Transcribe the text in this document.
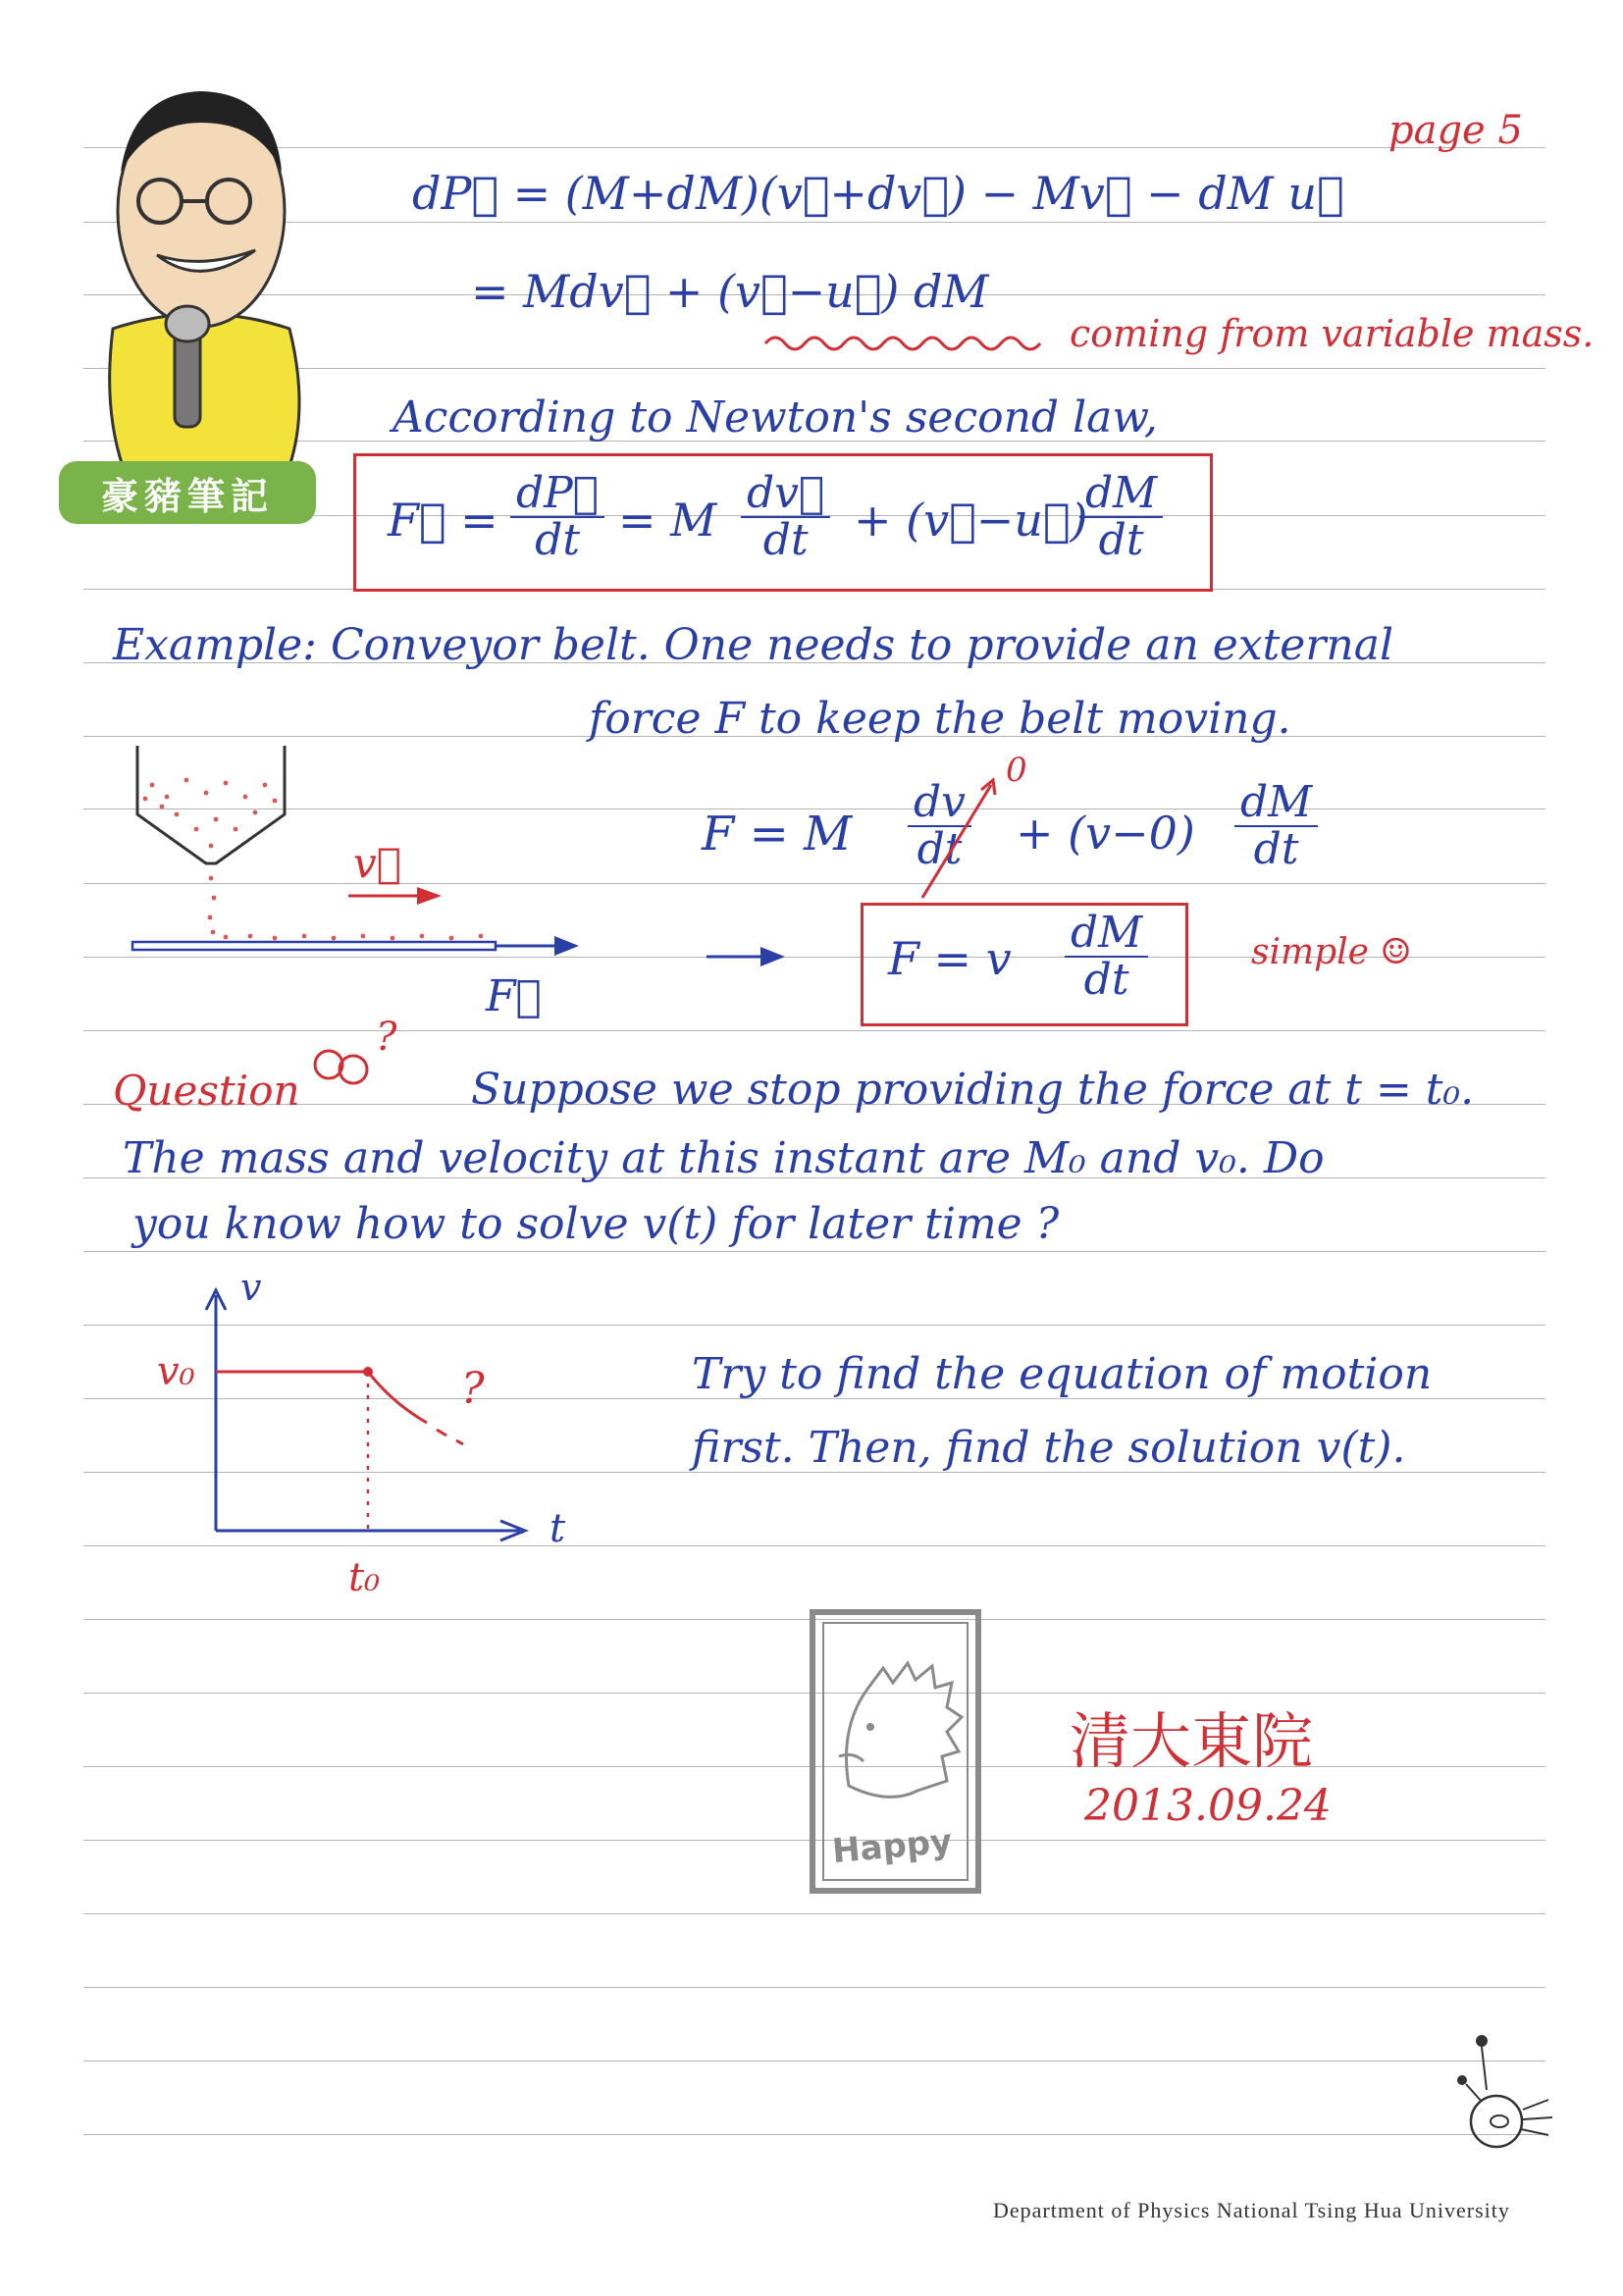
page 5
豪豬筆記
dP⃗ = (M+dM)(v⃗+dv⃗) − Mv⃗ − dM u⃗
= Mdv⃗ + (v⃗−u⃗) dM
coming from variable mass.
According to Newton's second law,
F⃗ = $\frac{dP⃗}{dt} = M \frac{dv⃗}{dt}$ + (v⃗−u⃗)
$\frac{dM}{dt}$
Example: Conveyor belt. One needs to provide an external
force F to keep the belt moving.
v⃗
F⃗
F = M $\frac{dv}{dt}$
0
+ $(v-0) \frac{dM}{dt}$
F = v $\frac{dM}{dt}$	simple ☺
Question
?
Suppose we stop providing the force at t = t₀.
The mass and velocity at this instant are M₀ and v₀. Do
you know how to solve v(t) for later time ?
?
v
t
v₀
t₀
Try to find the equation of motion
first. Then, find the solution v(t).
Happy
清大東院
2013.09.24
Department of Physics National Tsing Hua University
